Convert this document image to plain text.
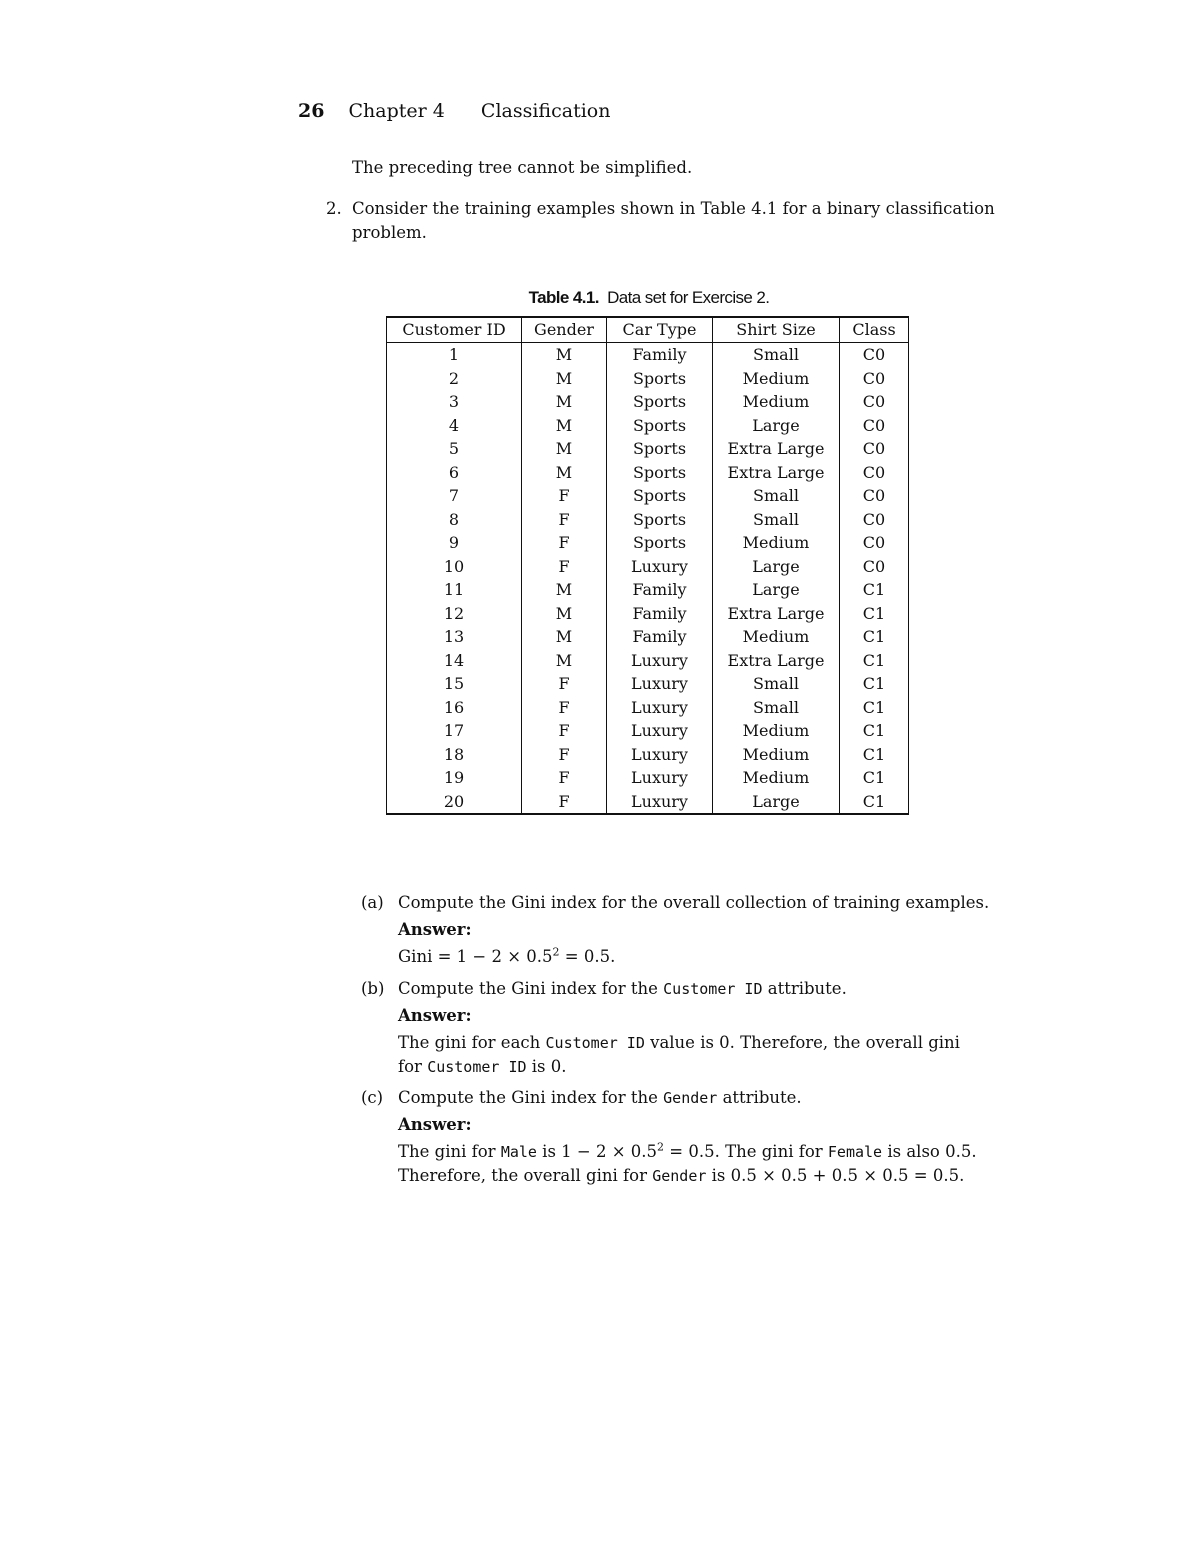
26 Chapter 4 Classification
The preceding tree cannot be simplified.
2. Consider the training examples shown in Table 4.1 for a binary classification
problem.
Table 4.1. Data set for Exercise 2.
Customer ID	Gender	Car Type	Shirt Size	Class
1	M	Family	Small	C0
2	M	Sports	Medium	C0
3	M	Sports	Medium	C0
4	M	Sports	Large	C0
5	M	Sports	Extra Large	C0
6	M	Sports	Extra Large	C0
7	F	Sports	Small	C0
8	F	Sports	Small	C0
9	F	Sports	Medium	C0
10	F	Luxury	Large	C0
11	M	Family	Large	C1
12	M	Family	Extra Large	C1
13	M	Family	Medium	C1
14	M	Luxury	Extra Large	C1
15	F	Luxury	Small	C1
16	F	Luxury	Small	C1
17	F	Luxury	Medium	C1
18	F	Luxury	Medium	C1
19	F	Luxury	Medium	C1
20	F	Luxury	Large	C1
(a) Compute the Gini index for the overall collection of training examples.
Answer:
Gini = $1 - 2 \times 0.5^2 = 0.5$.
(b) Compute the Gini index for the Customer ID attribute.
Answer:
The gini for each Customer ID value is 0. Therefore, the overall gini
for Customer ID is 0.
(c) Compute the Gini index for the Gender attribute.
Answer:
The gini for Male is $1 - 2 \times 0.5^2 = 0.5$. The gini for Female is also 0.5.
Therefore, the overall gini for Gender is 0.5 × 0.5 + 0.5 × 0.5 = 0.5.
